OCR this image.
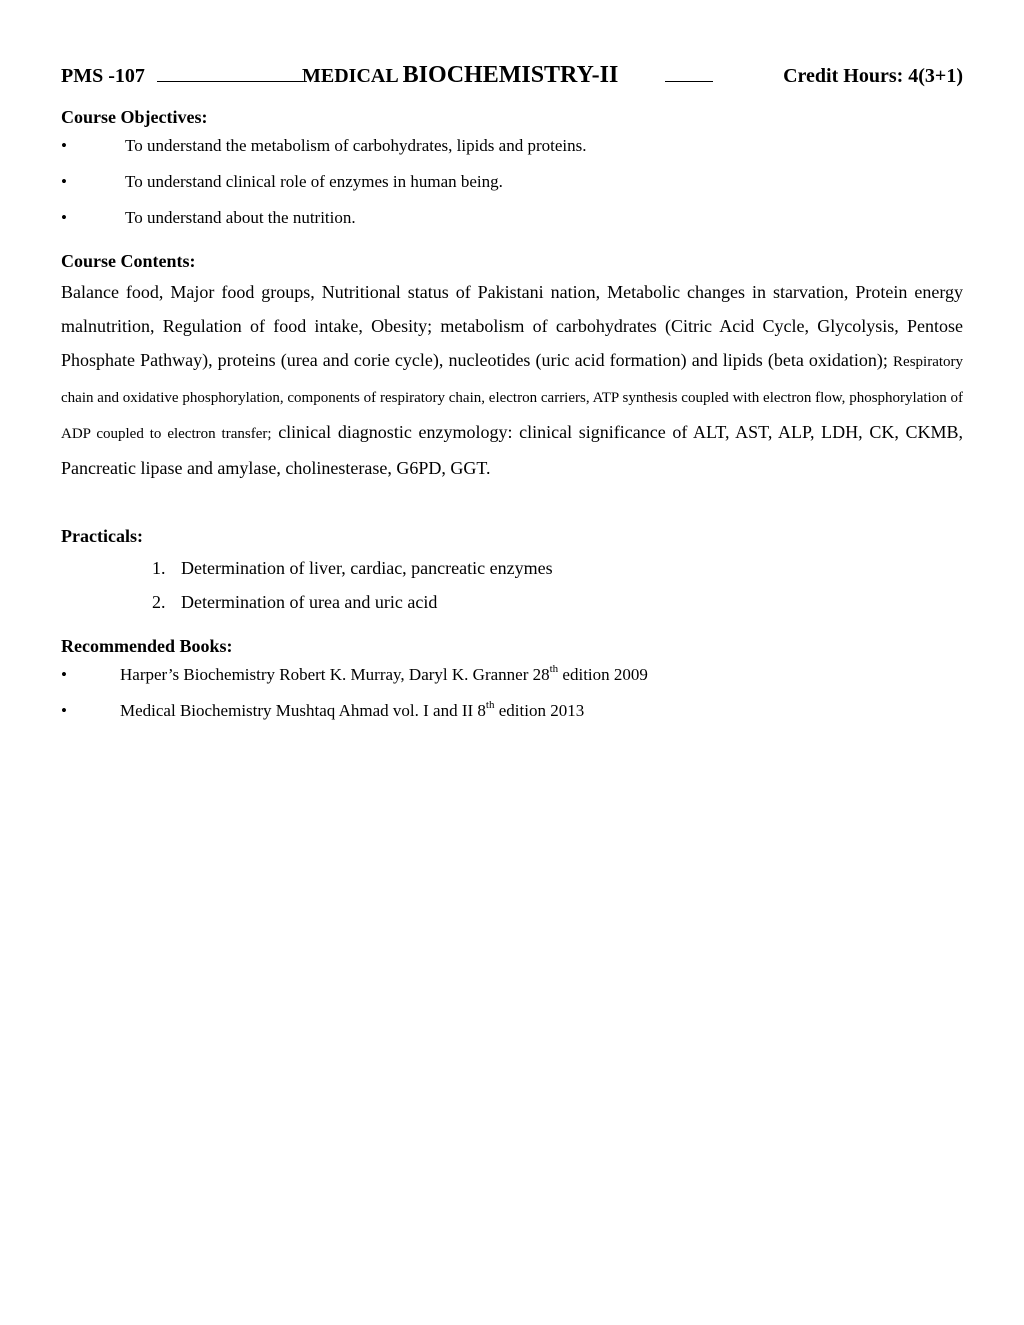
PMS -107	MEDICAL BIOCHEMISTRY-II	Credit Hours: 4(3+1)
Course Objectives:
•	To understand the metabolism of carbohydrates, lipids and proteins.
•	To understand clinical role of enzymes in human being.
•	To understand about the nutrition.
Course Contents:

Balance food, Major food groups, Nutritional status of Pakistani nation, Metabolic changes in starvation, Protein energy malnutrition, Regulation of food intake, Obesity; metabolism of carbohydrates (Citric Acid Cycle, Glycolysis, Pentose Phosphate Pathway), proteins (urea and corie cycle), nucleotides (uric acid formation) and lipids (beta oxidation); Respiratory chain and oxidative phosphorylation, components of respiratory chain, electron carriers, ATP synthesis coupled with electron flow, phosphorylation of ADP coupled to electron transfer; clinical diagnostic enzymology: clinical significance of ALT, AST, ALP, LDH, CK, CKMB, Pancreatic lipase and amylase, cholinesterase, G6PD, GGT.

Practicals:
1. Determination of liver, cardiac, pancreatic enzymes
2. Determination of urea and uric acid
Recommended Books:
•	Harper’s Biochemistry Robert K. Murray, Daryl K. Granner 28th edition 2009
•	Medical Biochemistry Mushtaq Ahmad vol. I and II 8th edition 2013
